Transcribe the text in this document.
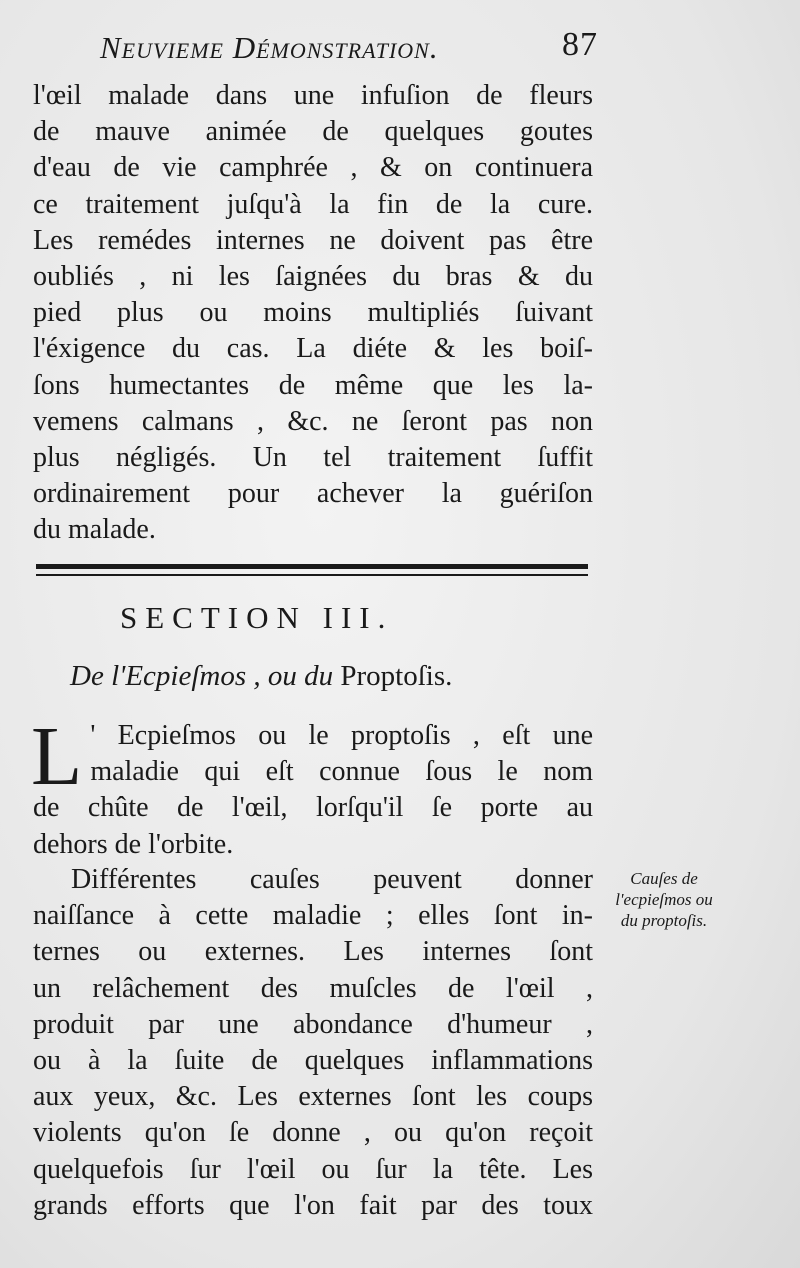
Neuvieme Démonstration.	87
l'œil malade dans une infuſion de fleurs
de mauve animée de quelques goutes
d'eau de vie camphrée , & on continuera
ce traitement juſqu'à la fin de la cure.
Les remédes internes ne doivent pas être
oubliés , ni les ſaignées du bras & du
pied plus ou moins multipliés ſuivant
l'éxigence du cas. La diéte & les boiſ-
ſons humectantes de même que les la-
vemens calmans , &c. ne ſeront pas non
plus négligés. Un tel traitement ſuffit
ordinairement pour achever la guériſon
du malade.
SECTION III.
De l'Ecpieſmos , ou du Proptoſis.
L ' Ecpieſmos ou le proptoſis , eſt une
maladie qui eſt connue ſous le nom
de chûte de l'œil, lorſqu'il ſe porte au
dehors de l'orbite.
Différentes cauſes peuvent donner
naiſſance à cette maladie ; elles ſont in-
ternes ou externes. Les internes ſont
un relâchement des muſcles de l'œil ,
produit par une abondance d'humeur ,
ou à la ſuite de quelques inflammations
aux yeux, &c. Les externes ſont les coups
violents qu'on ſe donne , ou qu'on reçoit
quelquefois ſur l'œil ou ſur la tête. Les
grands efforts que l'on fait par des toux
Cauſes de
l'ecpieſmos ou
du proptoſis.
